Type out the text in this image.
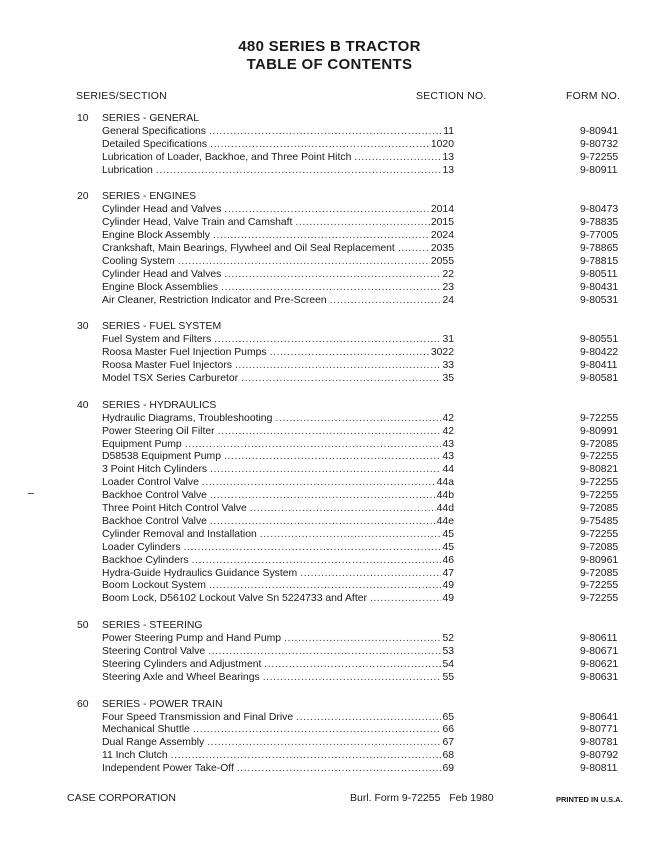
480 SERIES B TRACTOR
TABLE OF CONTENTS
SERIES/SECTION	SECTION NO.	FORM NO.
10 SERIES - GENERAL
General Specifications .....	11	9-80941
Detailed Specifications .....	1020	9-80732
Lubrication of Loader, Backhoe, and Three Point Hitch .....	13	9-72255
Lubrication .....	13	9-80911
20 SERIES - ENGINES
Cylinder Head and Valves .....	2014	9-80473
Cylinder Head, Valve Train and Camshaft .....	2015	9-78835
Engine Block Assembly .....	2024	9-77005
Crankshaft, Main Bearings, Flywheel and Oil Seal Replacement .....	2035	9-78865
Cooling System .....	2055	9-78815
Cylinder Head and Valves .....	22	9-80511
Engine Block Assemblies .....	23	9-80431
Air Cleaner, Restriction Indicator and Pre-Screen .....	24	9-80531
30 SERIES - FUEL SYSTEM
Fuel System and Filters .....	31	9-80551
Roosa Master Fuel Injection Pumps .....	3022	9-80422
Roosa Master Fuel Injectors .....	33	9-80411
Model TSX Series Carburetor .....	35	9-80581
40 SERIES - HYDRAULICS
Hydraulic Diagrams, Troubleshooting .....	42	9-72255
Power Steering Oil Filter .....	42	9-80991
Equipment Pump .....	43	9-72085
D58538 Equipment Pump .....	43	9-72255
3 Point Hitch Cylinders .....	44	9-80821
Loader Control Valve .....	44a	9-72255
Backhoe Control Valve .....	44b	9-72255
Three Point Hitch Control Valve .....	44d	9-72085
Backhoe Control Valve .....	44e	9-75485
Cylinder Removal and Installation .....	45	9-72255
Loader Cylinders .....	45	9-72085
Backhoe Cylinders .....	46	9-80961
Hydra-Guide Hydraulics Guidance System .....	47	9-72085
Boom Lockout System .....	49	9-72255
Boom Lock, D56102 Lockout Valve Sn 5224733 and After .....	49	9-72255
50 SERIES - STEERING
Power Steering Pump and Hand Pump .....	52	9-80611
Steering Control Valve .....	53	9-80671
Steering Cylinders and Adjustment .....	54	9-80621
Steering Axle and Wheel Bearings .....	55	9-80631
60 SERIES - POWER TRAIN
Four Speed Transmission and Final Drive .....	65	9-80641
Mechanical Shuttle .....	66	9-80771
Dual Range Assembly .....	67	9-80781
11 Inch Clutch .....	68	9-80792
Independent Power Take-Off .....	69	9-80811
CASE CORPORATION	Burl. Form 9-72255   Feb 1980	PRINTED IN U.S.A.
